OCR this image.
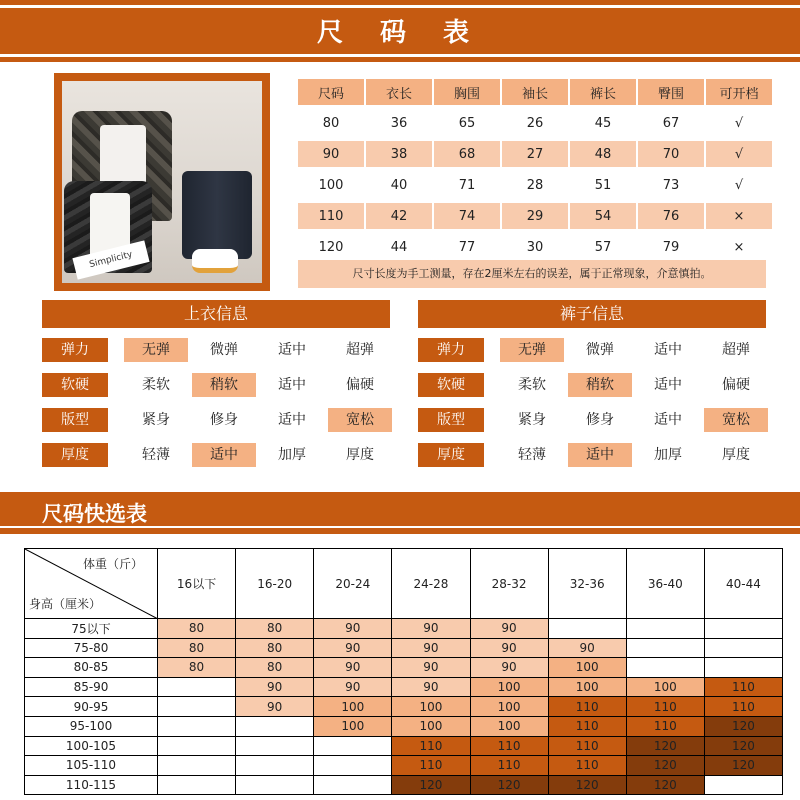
尺 码 表
Simplicity
尺码	衣长	胸围	袖长	裤长	臀围	可开档
80	36	65	26	45	67	√
90	38	68	27	48	70	√
100	40	71	28	51	73	√
110	42	74	29	54	76	×
120	44	77	30	57	79	×
尺寸长度为手工测量，存在2厘米左右的误差，属于正常现象，介意慎拍。
上衣信息
弹力	无弹	微弹	适中	超弹
软硬	柔软	稍软	适中	偏硬
版型	紧身	修身	适中	宽松
厚度	轻薄	适中	加厚	厚度
裤子信息
弹力	无弹	微弹	适中	超弹
软硬	柔软	稍软	适中	偏硬
版型	紧身	修身	适中	宽松
厚度	轻薄	适中	加厚	厚度
尺码快选表
体重（斤）
身高（厘米）	16以下	16-20	20-24	24-28	28-32	32-36	36-40	40-44
75以下	80	80	90	90	90			
75-80	80	80	90	90	90	90		
80-85	80	80	90	90	90	100		
85-90		90	90	90	100	100	100	110
90-95		90	100	100	100	110	110	110
95-100			100	100	100	110	110	120
100-105				110	110	110	120	120
105-110				110	110	110	120	120
110-115				120	120	120	120	
